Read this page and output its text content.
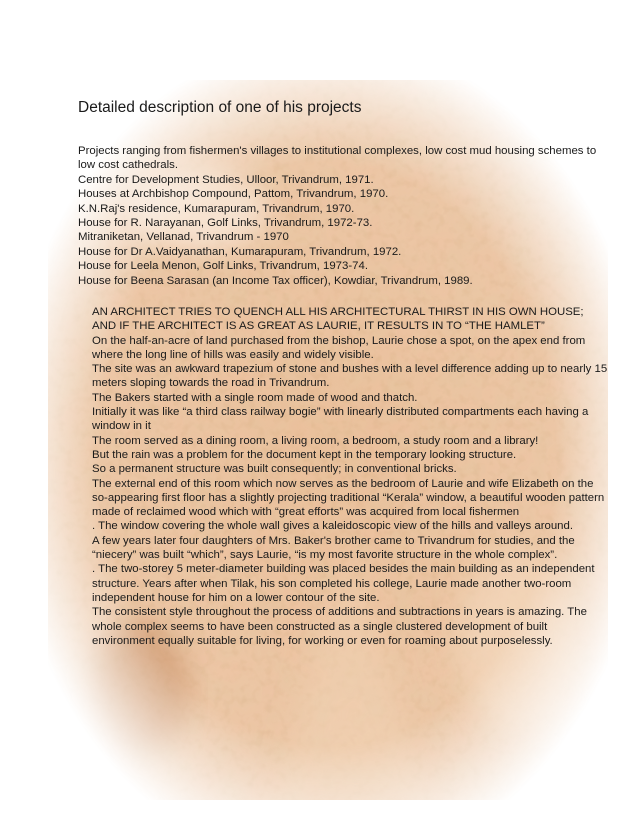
Detailed description of one of his projects
Projects ranging from fishermen's villages to institutional complexes, low cost mud housing schemes to low cost cathedrals.
Centre for Development Studies, Ulloor, Trivandrum, 1971.
Houses at Archbishop Compound, Pattom, Trivandrum, 1970.
K.N.Raj's residence, Kumarapuram, Trivandrum, 1970.
House for R. Narayanan, Golf Links, Trivandrum, 1972-73.
Mitraniketan, Vellanad, Trivandrum - 1970
House for Dr A.Vaidyanathan, Kumarapuram, Trivandrum, 1972.
House for Leela Menon, Golf Links, Trivandrum, 1973-74.
House for Beena Sarasan (an Income Tax officer), Kowdiar, Trivandrum, 1989.

AN ARCHITECT TRIES TO QUENCH ALL HIS ARCHITECTURAL THIRST IN HIS OWN HOUSE;       AND IF THE ARCHITECT IS AS GREAT AS LAURIE, IT RESULTS IN TO “THE HAMLET”

On the half-an-acre of land purchased from the bishop, Laurie chose a spot, on the apex end from where the long line of hills was easily and widely visible.

The site was an awkward trapezium of stone and bushes with a level difference adding up to nearly 15 meters sloping towards the road in Trivandrum.

The Bakers started with a single room made of wood and thatch.

Initially it was like “a third class railway bogie” with linearly distributed compartments each having a window in it

The room served as a dining room, a living room, a bedroom, a study room and a library!

But the rain was a problem for the document kept in the temporary looking structure.

So a permanent structure was built consequently; in conventional bricks.

The external end of this room which now serves as the bedroom of Laurie and wife Elizabeth on the so-appearing first floor has a slightly projecting traditional “Kerala” window, a beautiful wooden pattern made of reclaimed wood which with “great efforts” was acquired from local fishermen

. The window covering the whole wall gives a kaleidoscopic view of the hills and valleys around.

A few years later four daughters of Mrs. Baker's brother came to Trivandrum for studies, and the “niecery” was built “which”, says Laurie, “is my most favorite structure in the whole complex”.

. The two-storey 5 meter-diameter building was placed besides the main building as an independent structure. Years after when Tilak, his son completed his college, Laurie made another two-room independent house for him on a lower contour of the site.

The consistent style throughout the process of additions and subtractions in years is amazing. The whole complex seems to have been constructed as a single clustered development of built environment equally suitable for living, for working or even for roaming about purposelessly.
